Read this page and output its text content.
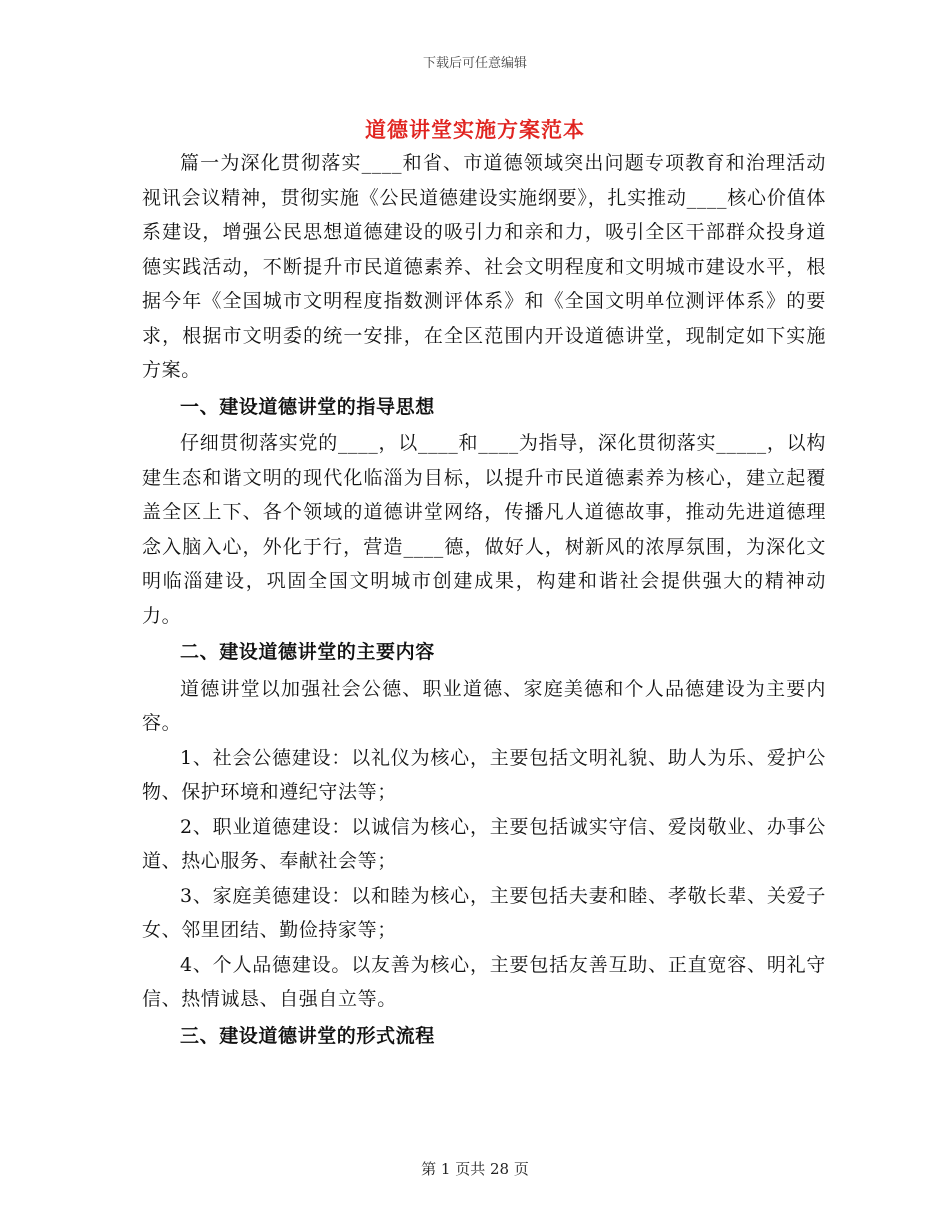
下载后可任意编辑
道德讲堂实施方案范本

篇一为深化贯彻落实____和省、市道德领域突出问题专项教育和治理活动视讯会议精神，贯彻实施《公民道德建设实施纲要》，扎实推动____核心价值体系建设，增强公民思想道德建设的吸引力和亲和力，吸引全区干部群众投身道德实践活动，不断提升市民道德素养、社会文明程度和文明城市建设水平，根据今年《全国城市文明程度指数测评体系》和《全国文明单位测评体系》的要求，根据市文明委的统一安排，在全区范围内开设道德讲堂，现制定如下实施方案。

一、建设道德讲堂的指导思想

仔细贯彻落实党的____，以____和____为指导，深化贯彻落实_____，以构建生态和谐文明的现代化临淄为目标，以提升市民道德素养为核心，建立起覆盖全区上下、各个领域的道德讲堂网络，传播凡人道德故事，推动先进道德理念入脑入心，外化于行，营造____德，做好人，树新风的浓厚氛围，为深化文明临淄建设，巩固全国文明城市创建成果，构建和谐社会提供强大的精神动力。

二、建设道德讲堂的主要内容

道德讲堂以加强社会公德、职业道德、家庭美德和个人品德建设为主要内容。

1、社会公德建设：以礼仪为核心，主要包括文明礼貌、助人为乐、爱护公物、保护环境和遵纪守法等；

2、职业道德建设：以诚信为核心，主要包括诚实守信、爱岗敬业、办事公道、热心服务、奉献社会等；

3、家庭美德建设：以和睦为核心，主要包括夫妻和睦、孝敬长辈、关爱子女、邻里团结、勤俭持家等；

4、个人品德建设。以友善为核心，主要包括友善互助、正直宽容、明礼守信、热情诚恳、自强自立等。

三、建设道德讲堂的形式流程

第 1 页共 28 页
